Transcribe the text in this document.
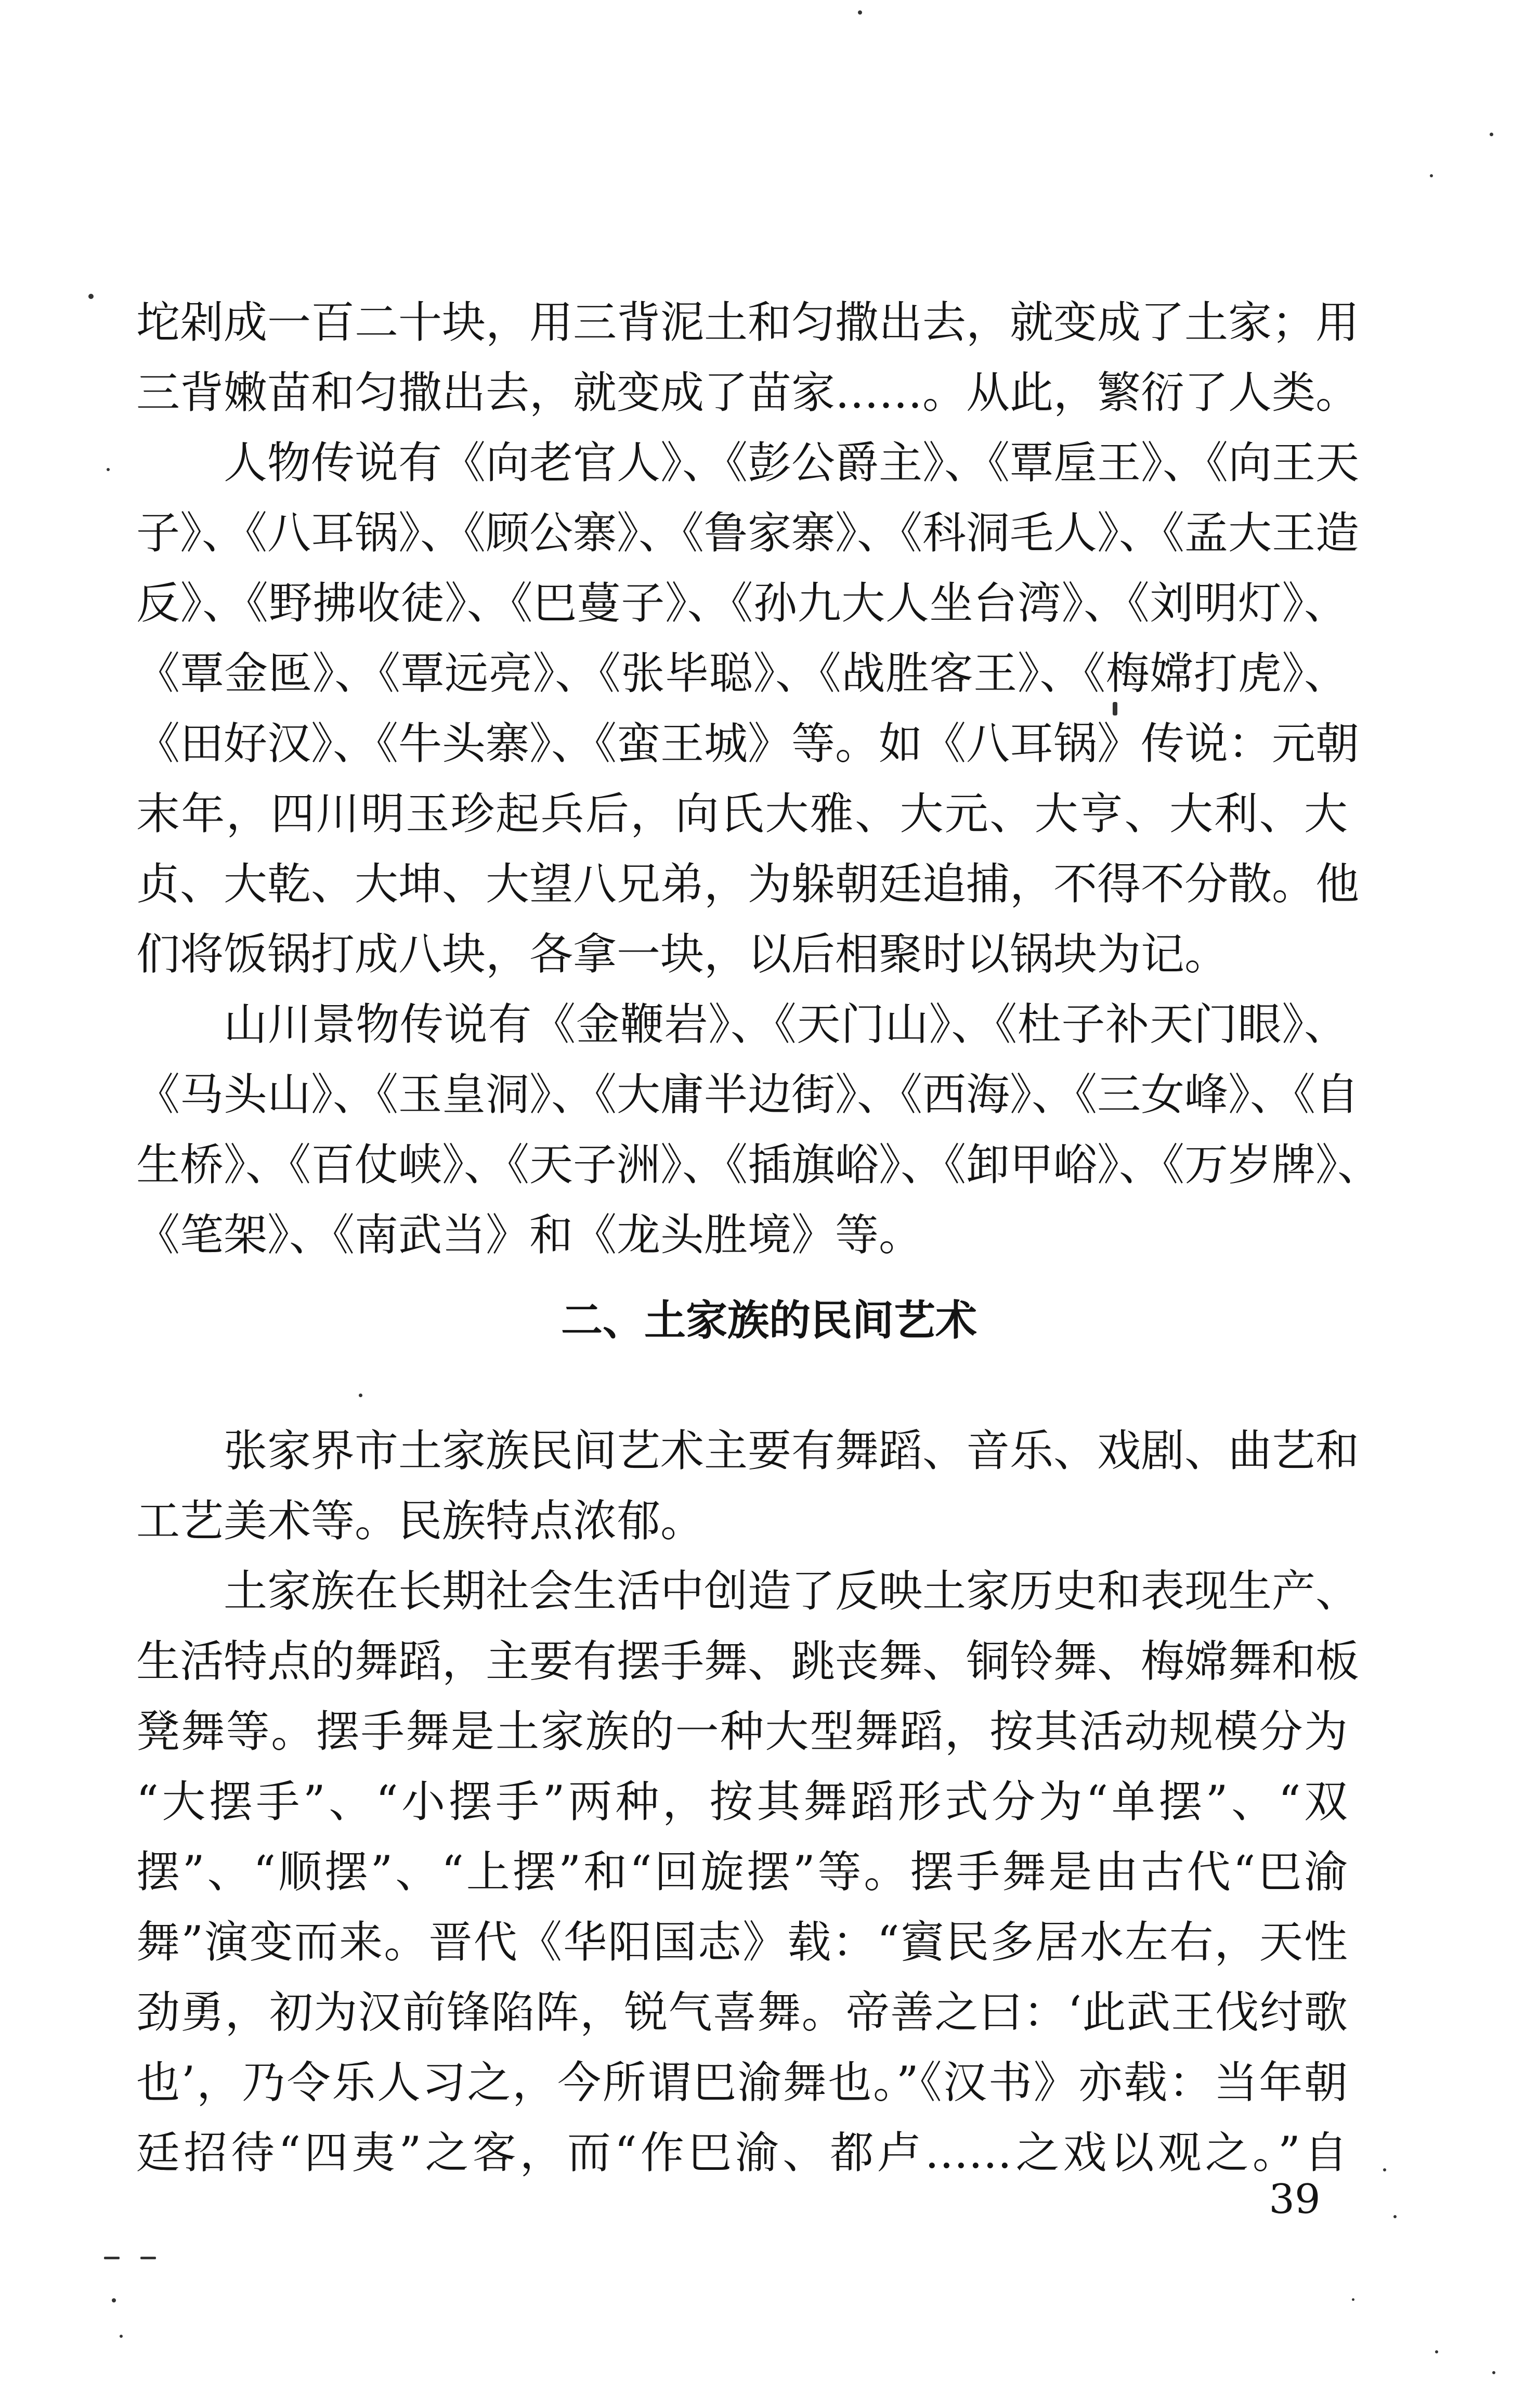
坨剁成一百二十块，用三背泥土和匀撒出去，就变成了土家；用
三背嫩苗和匀撒出去，就变成了苗家……。从此，繁衍了人类。
人物传说有《向老官人》、《彭公爵主》、《覃垕王》、《向王天
子》、《八耳锅》、《顾公寨》、《鲁家寨》、《科洞毛人》、《孟大王造
反》、《野拂收徒》、《巴蔓子》、《孙九大人坐台湾》、《刘明灯》、
《覃金匜》、《覃远亮》、《张毕聪》、《战胜客王》、《梅嫦打虎》、
《田好汉》、《牛头寨》、《蛮王城》等。如《八耳锅》传说：元朝
末年，四川明玉珍起兵后，向氏大雅、大元、大亨、大利、大
贞、大乾、大坤、大望八兄弟，为躲朝廷追捕，不得不分散。他
们将饭锅打成八块，各拿一块，以后相聚时以锅块为记。
山川景物传说有《金鞭岩》、《天门山》、《杜子补天门眼》、
《马头山》、《玉皇洞》、《大庸半边街》、《西海》、《三女峰》、《自
生桥》、《百仗峡》、《天子洲》、《插旗峪》、《卸甲峪》、《万岁牌》、
《笔架》、《南武当》和《龙头胜境》等。
二、土家族的民间艺术
张家界市土家族民间艺术主要有舞蹈、音乐、戏剧、曲艺和
工艺美术等。民族特点浓郁。
土家族在长期社会生活中创造了反映土家历史和表现生产、
生活特点的舞蹈，主要有摆手舞、跳丧舞、铜铃舞、梅嫦舞和板
凳舞等。摆手舞是土家族的一种大型舞蹈，按其活动规模分为
“大摆手”、“小摆手”两种，按其舞蹈形式分为“单摆”、“双
摆”、“顺摆”、“上摆”和“回旋摆”等。摆手舞是由古代“巴渝
舞”演变而来。晋代《华阳国志》载：“賨民多居水左右，天性
劲勇，初为汉前锋陷阵，锐气喜舞。帝善之曰：‘此武王伐纣歌
也’，乃令乐人习之，今所谓巴渝舞也。”《汉书》亦载：当年朝
廷招待“四夷”之客，而“作巴渝、都卢……之戏以观之。”自
39
